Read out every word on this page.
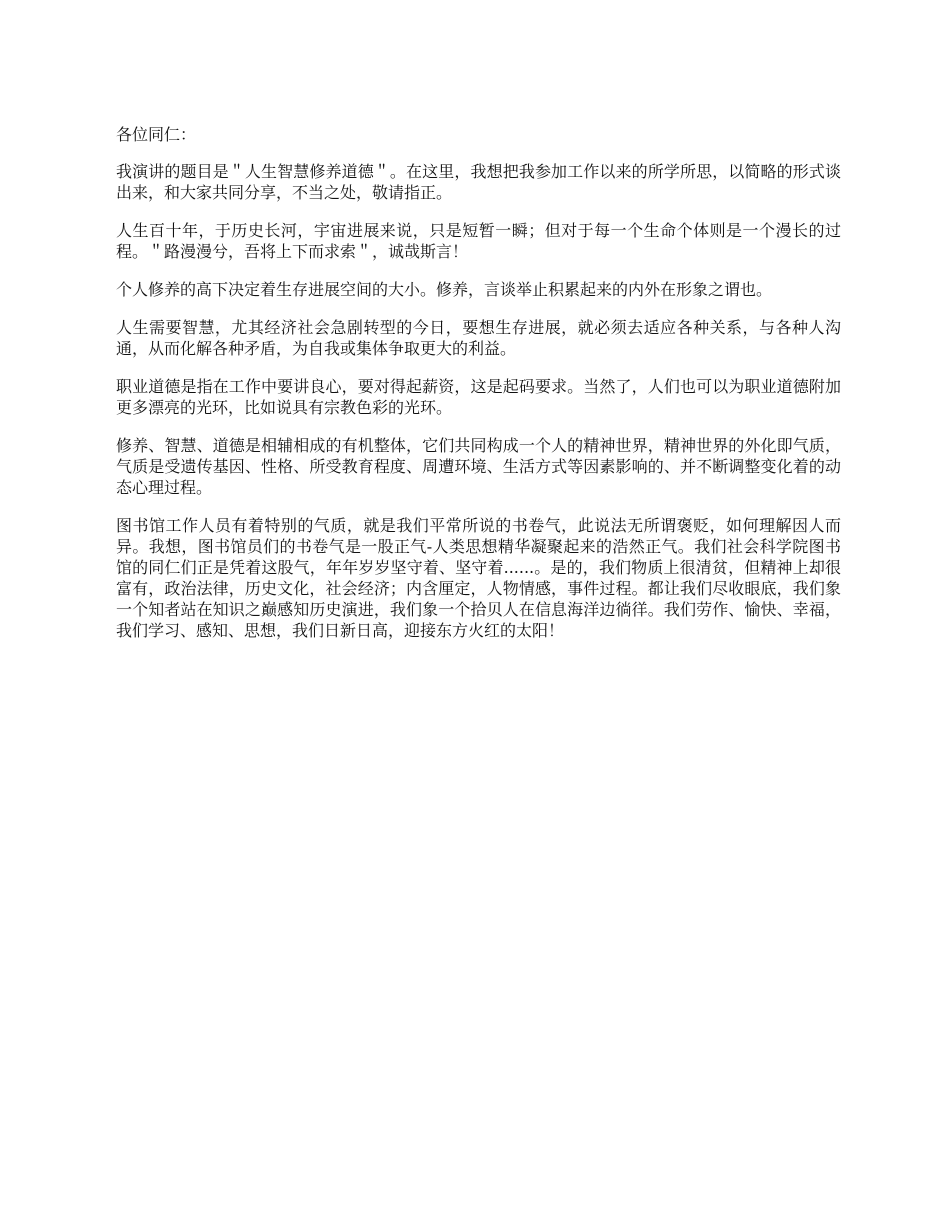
各位同仁：

我演讲的题目是＂人生智慧修养道德＂。在这里，我想把我参加工作以来的所学所思，以简略的形式谈出来，和大家共同分享，不当之处，敬请指正。

人生百十年，于历史长河，宇宙进展来说，只是短暂一瞬；但对于每一个生命个体则是一个漫长的过程。＂路漫漫兮，吾将上下而求索＂，诚哉斯言！

个人修养的高下决定着生存进展空间的大小。修养，言谈举止积累起来的内外在形象之谓也。

人生需要智慧，尤其经济社会急剧转型的今日，要想生存进展，就必须去适应各种关系，与各种人沟通，从而化解各种矛盾，为自我或集体争取更大的利益。

职业道德是指在工作中要讲良心，要对得起薪资，这是起码要求。当然了，人们也可以为职业道德附加更多漂亮的光环，比如说具有宗教色彩的光环。

修养、智慧、道德是相辅相成的有机整体，它们共同构成一个人的精神世界，精神世界的外化即气质，气质是受遗传基因、性格、所受教育程度、周遭环境、生活方式等因素影响的、并不断调整变化着的动态心理过程。

图书馆工作人员有着特别的气质，就是我们平常所说的书卷气，此说法无所谓褒贬，如何理解因人而异。我想，图书馆员们的书卷气是一股正气-人类思想精华凝聚起来的浩然正气。我们社会科学院图书馆的同仁们正是凭着这股气，年年岁岁坚守着、坚守着......。是的，我们物质上很清贫，但精神上却很富有，政治法律，历史文化，社会经济；内含厘定，人物情感，事件过程。都让我们尽收眼底，我们象一个知者站在知识之巅感知历史演进，我们象一个拾贝人在信息海洋边徜徉。我们劳作、愉快、幸福，我们学习、感知、思想，我们日新日高，迎接东方火红的太阳！
